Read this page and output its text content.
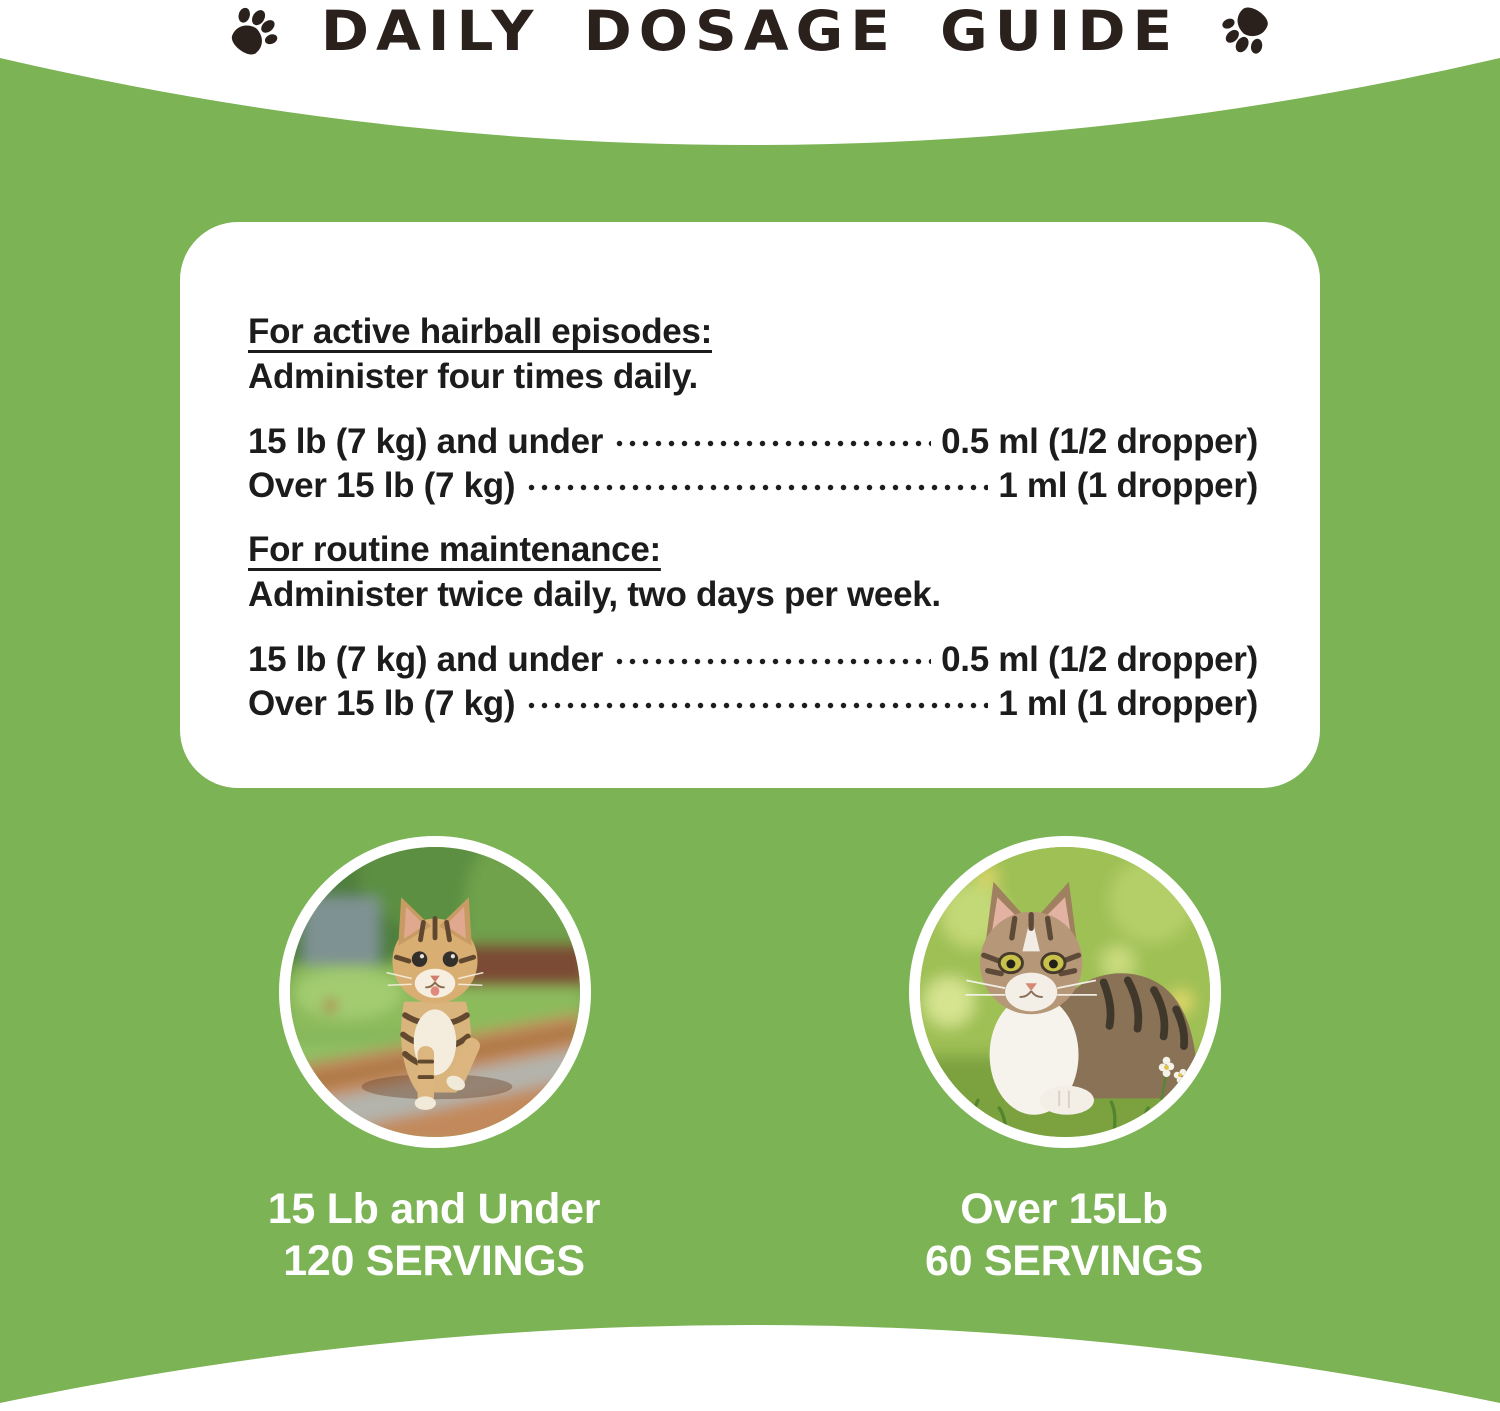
DAILY DOSAGE GUIDE
For active hairball episodes:
Administer four times daily.
15 lb (7 kg) and under	0.5 ml (1/2 dropper)
Over 15 lb (7 kg)	1 ml (1 dropper)
For routine maintenance:
Administer twice daily, two days per week.
15 lb (7 kg) and under	0.5 ml (1/2 dropper)
Over 15 lb (7 kg)	1 ml (1 dropper)
15 Lb and Under
120 SERVINGS
Over 15Lb
60 SERVINGS
